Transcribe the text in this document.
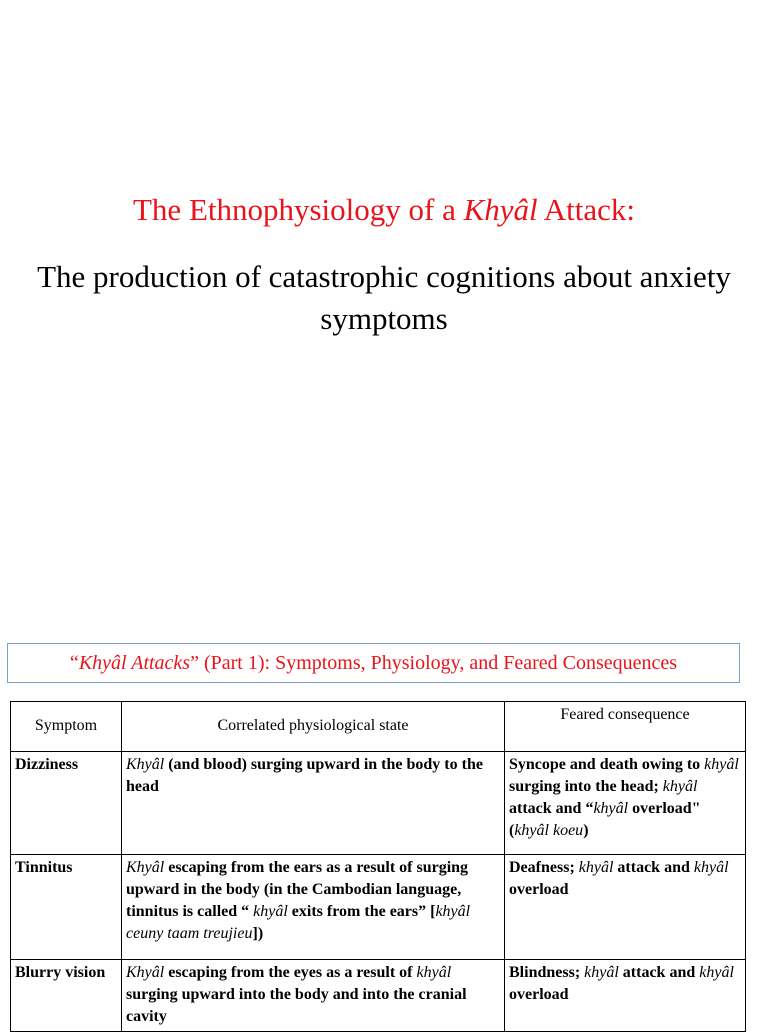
The Ethnophysiology of a Khyâl Attack:
The production of catastrophic cognitions about anxiety symptoms
“Khyâl Attacks” (Part 1): Symptoms, Physiology, and Feared Consequences
Symptom	Correlated physiological state	Feared consequence
Dizziness	Khyâl (and blood) surging upward in the body to the head	Syncope and death owing to khyâl surging into the head; khyâl attack and “khyâl overload" (khyâl koeu)
Tinnitus	Khyâl escaping from the ears as a result of surging upward in the body (in the Cambodian language, tinnitus is called “ khyâl exits from the ears” [khyâl ceuny taam treujieu])	Deafness; khyâl attack and khyâl overload
Blurry vision	Khyâl escaping from the eyes as a result of khyâl surging upward into the body and into the cranial cavity	Blindness; khyâl attack and khyâl overload
